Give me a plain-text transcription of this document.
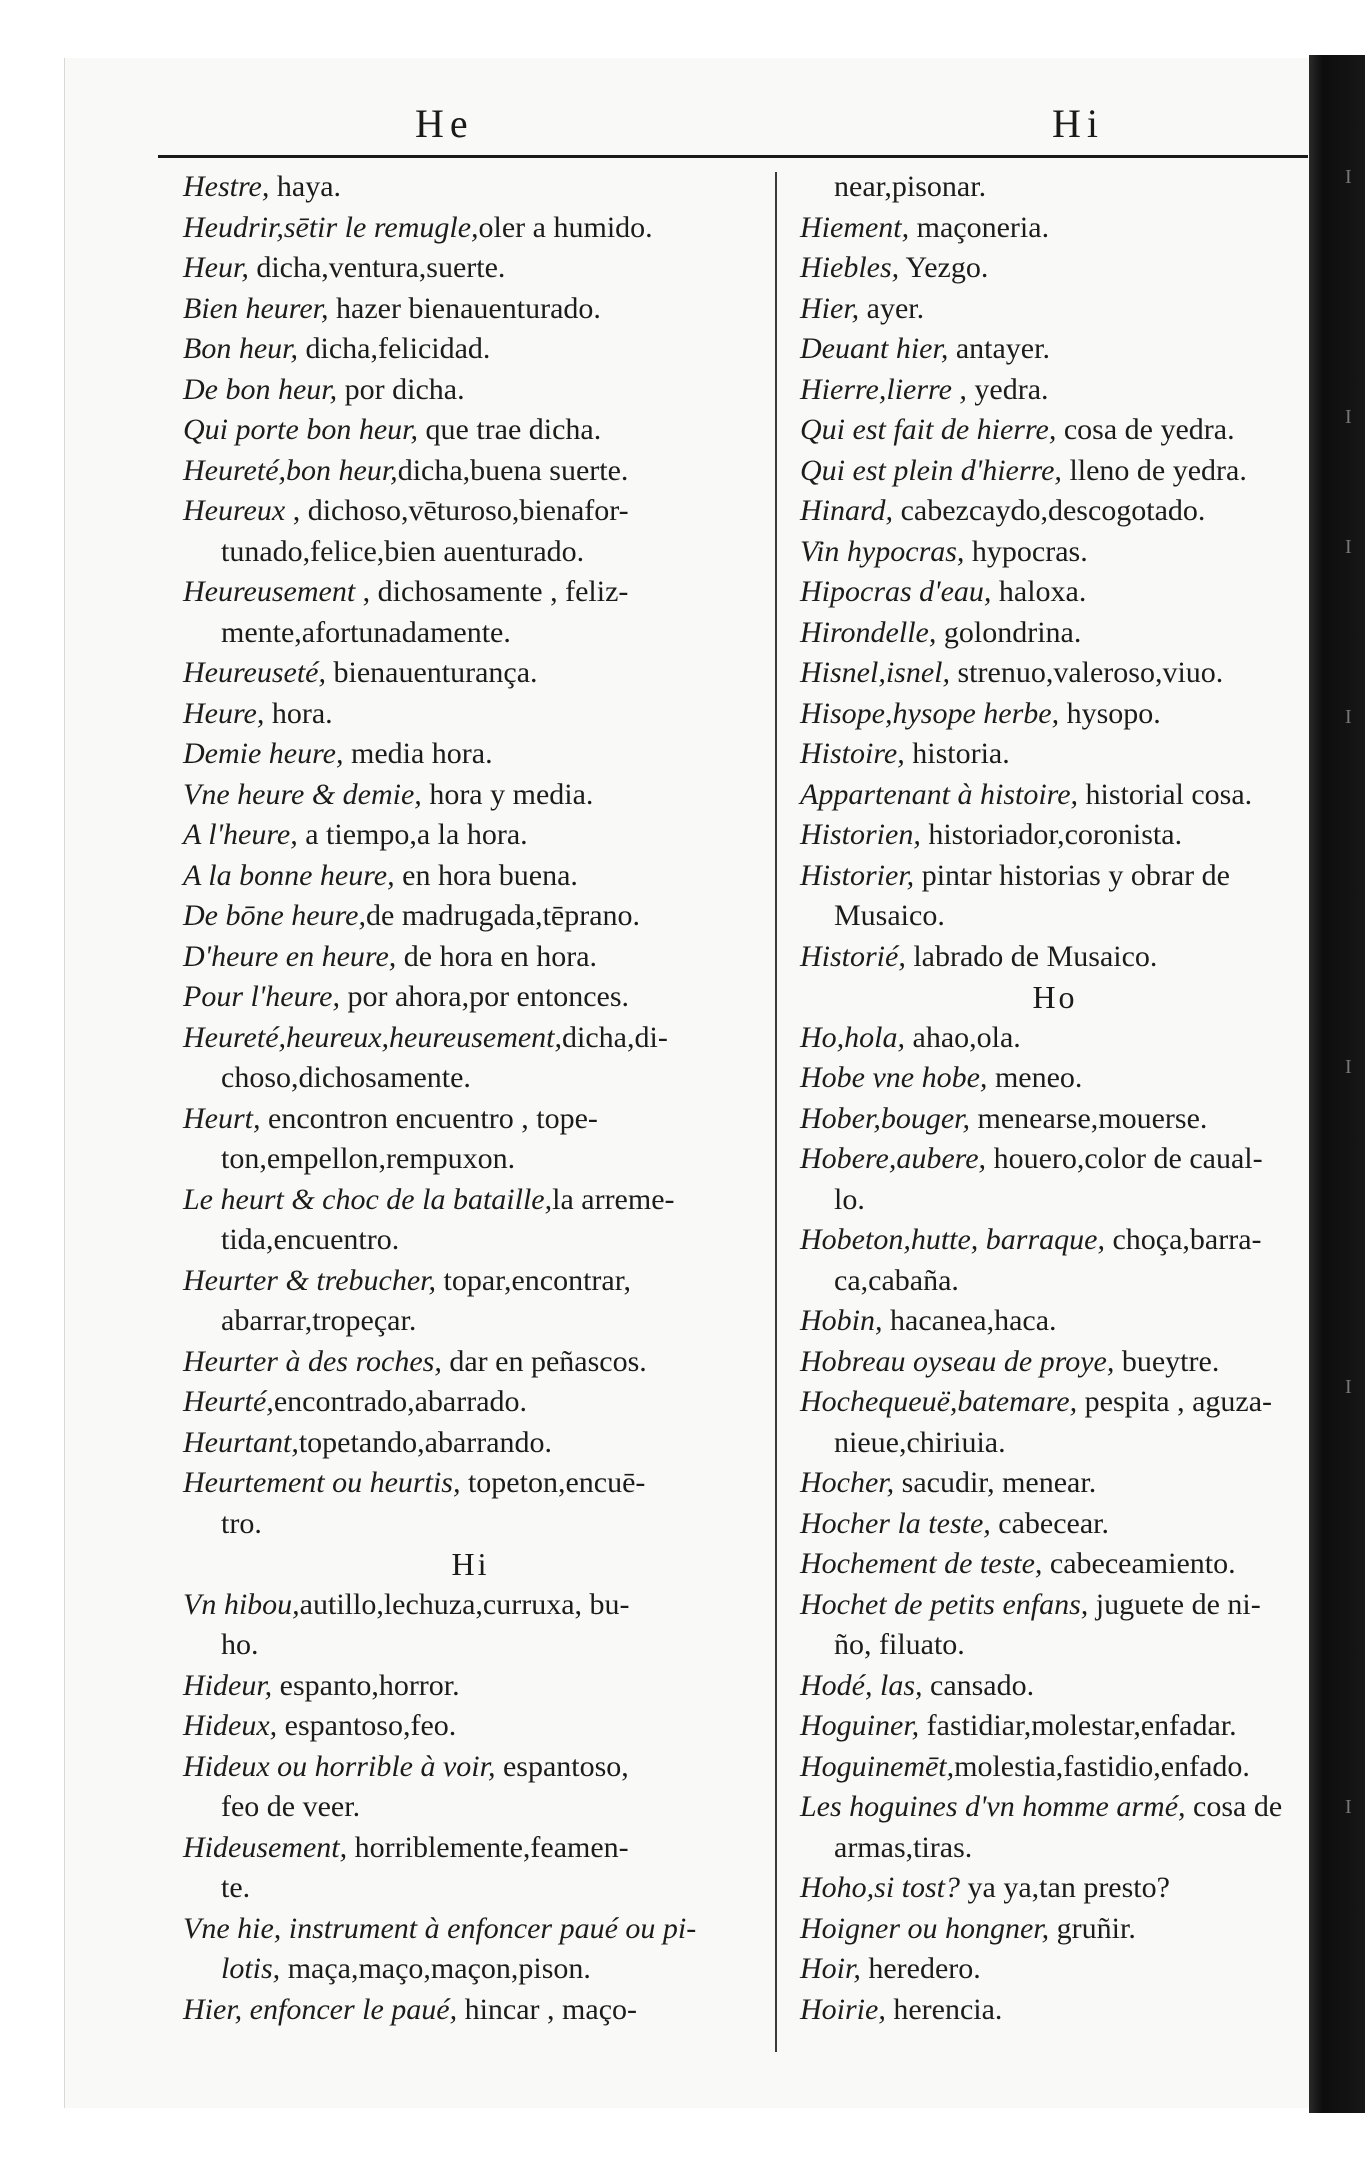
I
I
I
I
I
I
I
He	Hi
Hestre, haya.
Heudrir,sētir le remugle,oler a humido.
Heur, dicha,ventura,suerte.
Bien heurer, hazer bienauenturado.
Bon heur, dicha,felicidad.
De bon heur, por dicha.
Qui porte bon heur, que trae dicha.
Heureté,bon heur,dicha,buena suerte.
Heureux , dichoso,vēturoso,bienafor-
tunado,felice,bien auenturado.
Heureusement , dichosamente , feliz-
mente,afortunadamente.
Heureuseté, bienauenturança.
Heure, hora.
Demie heure, media hora.
Vne heure & demie, hora y media.
A l'heure, a tiempo,a la hora.
A la bonne heure, en hora buena.
De bōne heure,de madrugada,tēprano.
D'heure en heure, de hora en hora.
Pour l'heure, por ahora,por entonces.
Heureté,heureux,heureusement,dicha,di-
choso,dichosamente.
Heurt, encontron encuentro , tope-
ton,empellon,rempuxon.
Le heurt & choc de la bataille,la arreme-
tida,encuentro.
Heurter & trebucher, topar,encontrar,
abarrar,tropeçar.
Heurter à des roches, dar en peñascos.
Heurté,encontrado,abarrado.
Heurtant,topetando,abarrando.
Heurtement ou heurtis, topeton,encuē-
tro.
Hi
Vn hibou,autillo,lechuza,curruxa, bu-
ho.
Hideur, espanto,horror.
Hideux, espantoso,feo.
Hideux ou horrible à voir, espantoso,
feo de veer.
Hideusement, horriblemente,feamen-
te.
Vne hie, instrument à enfoncer paué ou pi-
lotis, maça,maço,maçon,pison.
Hier, enfoncer le paué, hincar , maço-
near,pisonar.
Hiement, maçoneria.
Hiebles, Yezgo.
Hier, ayer.
Deuant hier, antayer.
Hierre,lierre , yedra.
Qui est fait de hierre, cosa de yedra.
Qui est plein d'hierre, lleno de yedra.
Hinard, cabezcaydo,descogotado.
Vin hypocras, hypocras.
Hipocras d'eau, haloxa.
Hirondelle, golondrina.
Hisnel,isnel, strenuo,valeroso,viuo.
Hisope,hysope herbe, hysopo.
Histoire, historia.
Appartenant à histoire, historial cosa.
Historien, historiador,coronista.
Historier, pintar historias y obrar de
Musaico.
Historié, labrado de Musaico.
Ho
Ho,hola, ahao,ola.
Hobe vne hobe, meneo.
Hober,bouger, menearse,mouerse.
Hobere,aubere, houero,color de caual-
lo.
Hobeton,hutte, barraque, choça,barra-
ca,cabaña.
Hobin, hacanea,haca.
Hobreau oyseau de proye, bueytre.
Hochequeuë,batemare, pespita , aguza-
nieue,chiriuia.
Hocher, sacudir, menear.
Hocher la teste, cabecear.
Hochement de teste, cabeceamiento.
Hochet de petits enfans, juguete de ni-
ño, filuato.
Hodé, las, cansado.
Hoguiner, fastidiar,molestar,enfadar.
Hoguinemēt,molestia,fastidio,enfado.
Les hoguines d'vn homme armé, cosa de
armas,tiras.
Hoho,si tost? ya ya,tan presto?
Hoigner ou hongner, gruñir.
Hoir, heredero.
Hoirie, herencia.
